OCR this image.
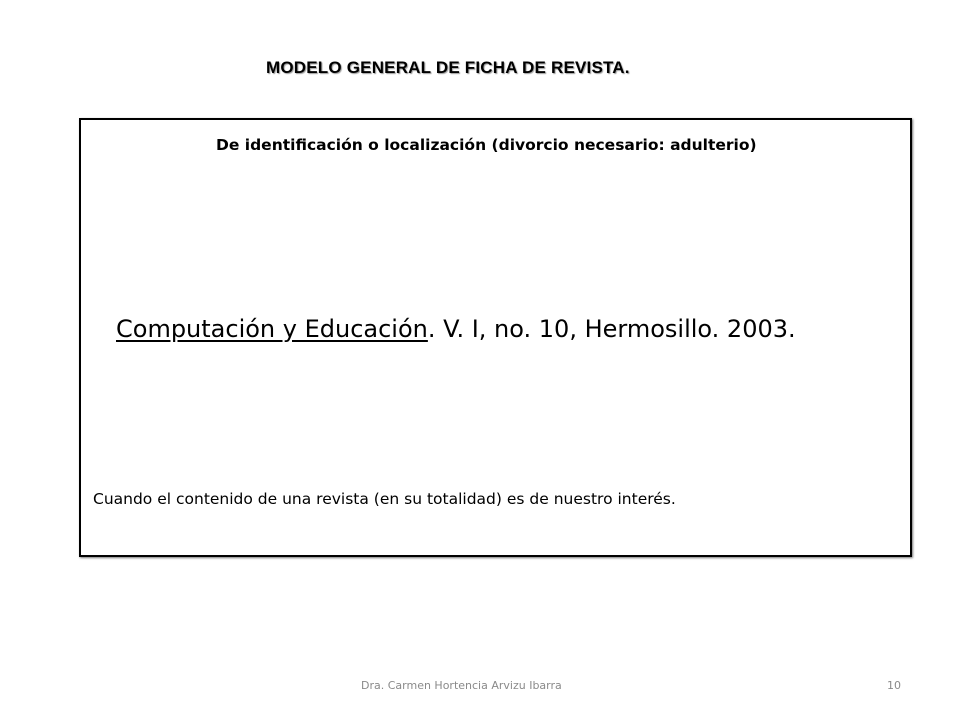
MODELO GENERAL DE FICHA DE REVISTA.
De identificación o localización (divorcio necesario: adulterio)
Computación y Educación. V. I, no. 10, Hermosillo. 2003.
Cuando el contenido de una revista (en su totalidad) es de nuestro interés.
Dra. Carmen Hortencia Arvizu Ibarra	10
